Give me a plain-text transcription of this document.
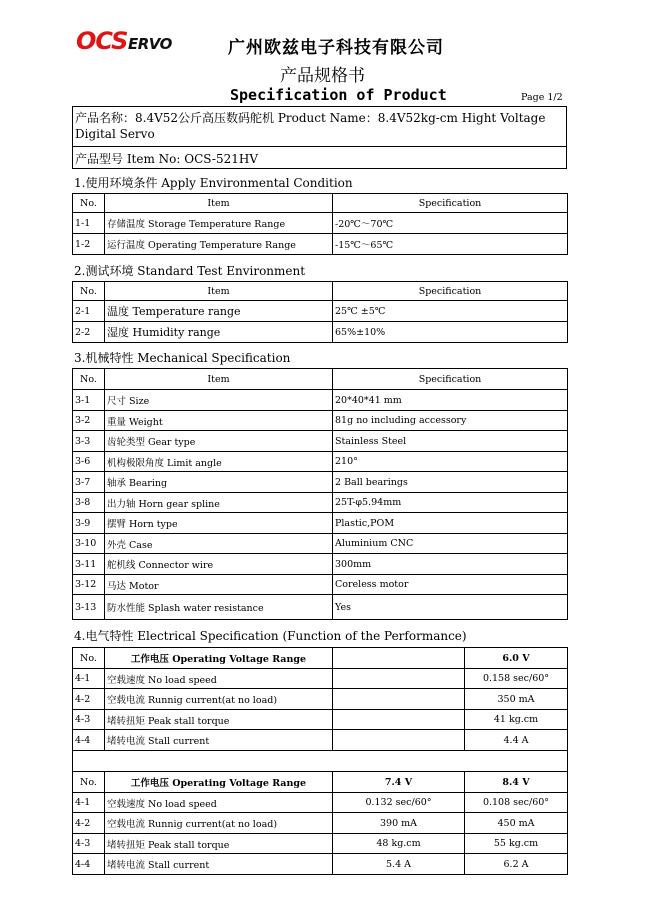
OCS ERVO	广州欧兹电子科技有限公司
产品规格书
Specification of Product	Page 1/2
产品名称：8.4V52公斤高压数码舵机 Product Name：8.4V52kg-cm Hight Voltage Digital Servo
产品型号 Item No: OCS-521HV
1.使用环境条件 Apply Environmental Condition
No.	Item	Specification
1-1	存储温度 Storage Temperature Range	-20℃～70℃
1-2	运行温度 Operating Temperature Range	-15℃～65℃
2.测试环境 Standard Test Environment
No.	Item	Specification
2-1	温度 Temperature range	25℃ ±5℃
2-2	湿度 Humidity range	65%±10%
3.机械特性 Mechanical Specification
No.	Item	Specification
3-1	尺寸 Size	20*40*41 mm
3-2	重量 Weight	81g no including accessory
3-3	齿轮类型 Gear type	Stainless Steel
3-6	机构极限角度 Limit angle	210°
3-7	轴承 Bearing	2 Ball bearings
3-8	出力轴 Horn gear spline	25T-φ5.94mm
3-9	摆臂 Horn type	Plastic,POM
3-10	外壳 Case	Aluminium CNC
3-11	舵机线 Connector wire	300mm
3-12	马达 Motor	Coreless motor
3-13	防水性能 Splash water resistance	Yes
4.电气特性 Electrical Specification (Function of the Performance)
No.	工作电压 Operating Voltage Range		6.0 V
4-1	空载速度 No load speed		0.158 sec/60°
4-2	空载电流 Runnig current(at no load)		350 mA
4-3	堵转扭矩 Peak stall torque		41 kg.cm
4-4	堵转电流 Stall current		4.4 A

No.	工作电压 Operating Voltage Range	7.4 V	8.4 V
4-1	空载速度 No load speed	0.132 sec/60°	0.108 sec/60°
4-2	空载电流 Runnig current(at no load)	390 mA	450 mA
4-3	堵转扭矩 Peak stall torque	48 kg.cm	55 kg.cm
4-4	堵转电流 Stall current	5.4 A	6.2 A
